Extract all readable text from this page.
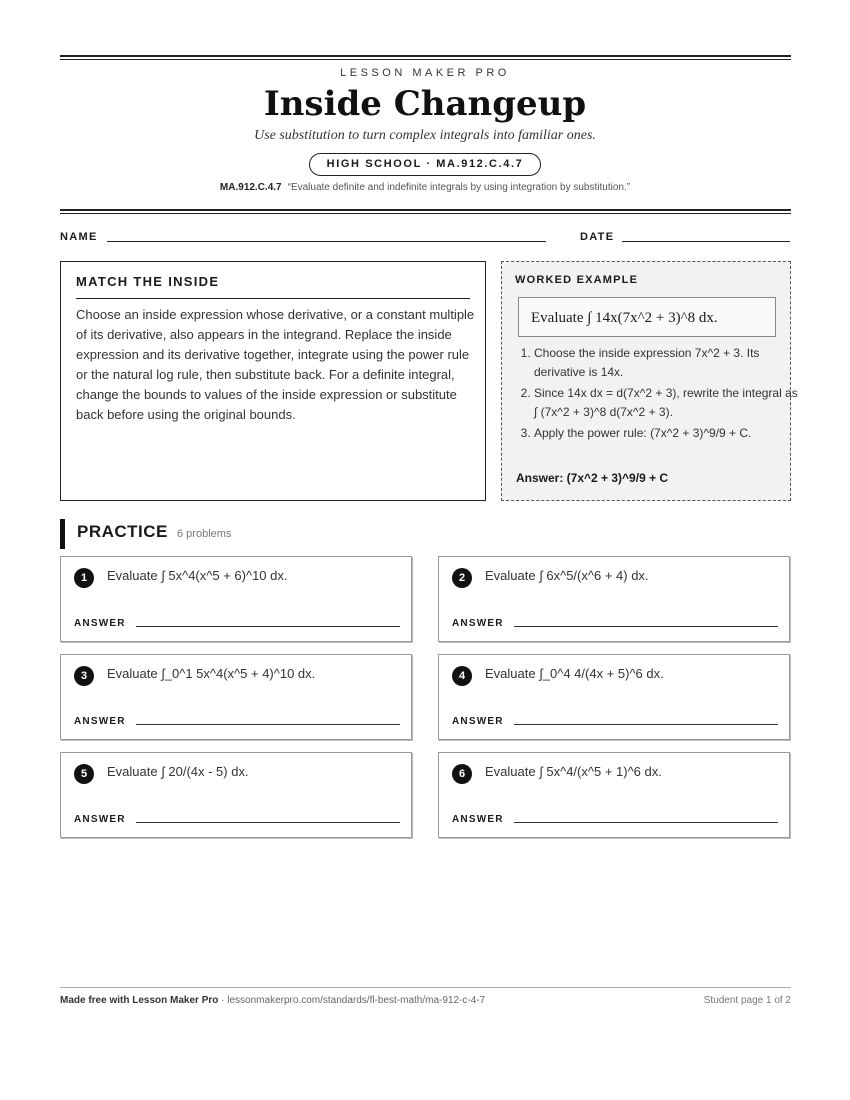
LESSON MAKER PRO
Inside Changeup
Use substitution to turn complex integrals into familiar ones.
HIGH SCHOOL · MA.912.C.4.7
MA.912.C.4.7 “Evaluate definite and indefinite integrals by using integration by substitution.”
NAME	DATE
MATCH THE INSIDE

Choose an inside expression whose derivative, or a constant multiple of its derivative, also appears in the integrand. Replace the inside expression and its derivative together, integrate using the power rule or the natural log rule, then substitute back. For a definite integral, change the bounds to values of the inside expression or substitute back before using the original bounds.

WORKED EXAMPLE
Evaluate ∫ 14x(7x^2 + 3)^8 dx.
1. Choose the inside expression 7x^2 + 3. Its derivative is 14x.
2. Since 14x dx = d(7x^2 + 3), rewrite the integral as ∫ (7x^2 + 3)^8 d(7x^2 + 3).
3. Apply the power rule: (7x^2 + 3)^9/9 + C.
Answer: (7x^2 + 3)^9/9 + C
PRACTICE 6 problems
1	Evaluate ∫ 5x^4(x^5 + 6)^10 dx.
ANSWER
2	Evaluate ∫ 6x^5/(x^6 + 4) dx.
ANSWER
3	Evaluate ∫_0^1 5x^4(x^5 + 4)^10 dx.
ANSWER
4	Evaluate ∫_0^4 4/(4x + 5)^6 dx.
ANSWER
5	Evaluate ∫ 20/(4x - 5) dx.
ANSWER
6	Evaluate ∫ 5x^4/(x^5 + 1)^6 dx.
ANSWER
Made free with Lesson Maker Pro · lessonmakerpro.com/standards/fl-best-math/ma-912-c-4-7	Student page 1 of 2
